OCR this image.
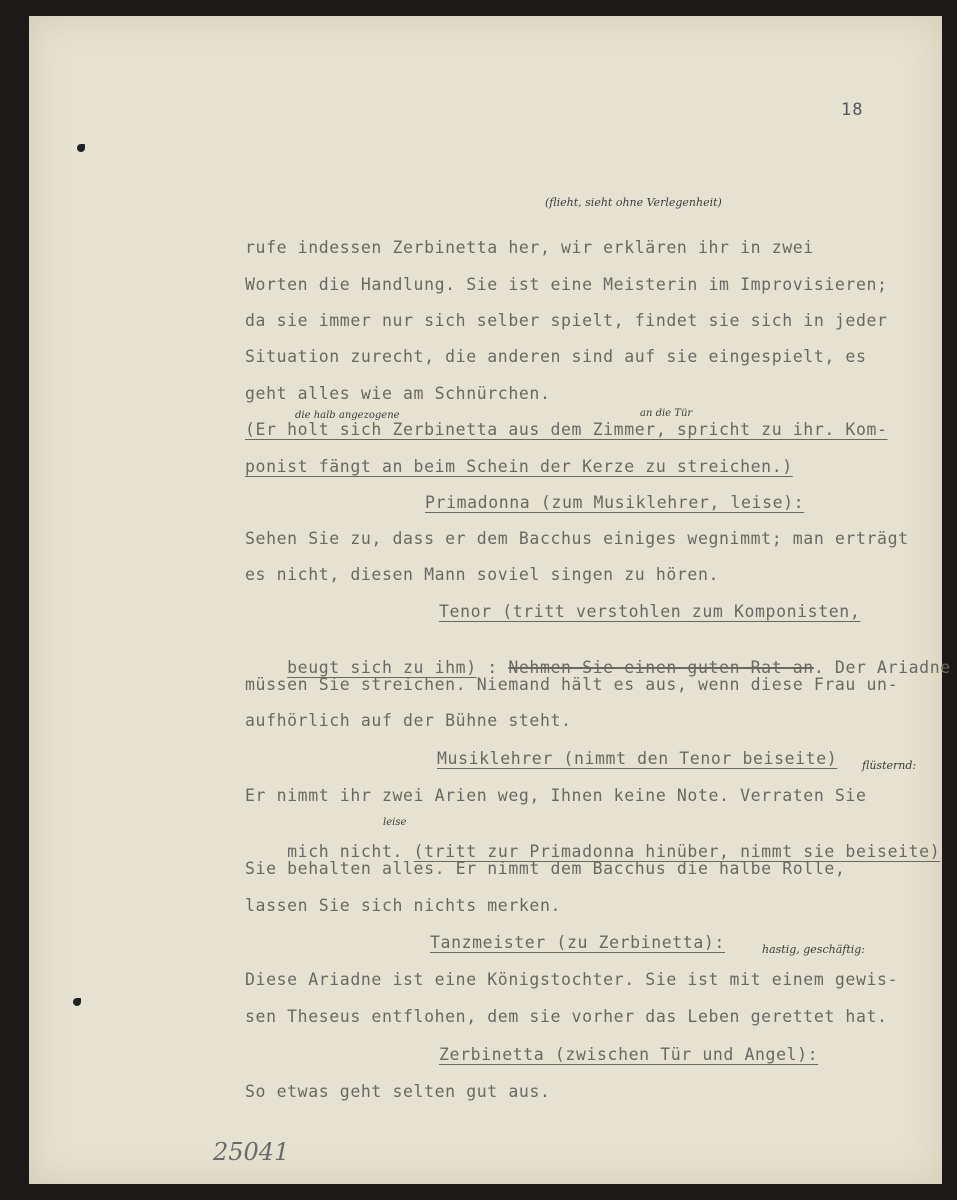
18
(flieht, sieht ohne Verlegenheit)
die halb angezogene	an die Tür
flüsternd:
leise
hastig, geschäftig:
25041
rufe indessen Zerbinetta her, wir erklären ihr in zwei
Worten die Handlung. Sie ist eine Meisterin im Improvisieren;
da sie immer nur sich selber spielt, findet sie sich in jeder
Situation zurecht, die anderen sind auf sie eingespielt, es
geht alles wie am Schnürchen.
(Er holt sich Zerbinetta aus dem Zimmer, spricht zu ihr. Kom-
ponist fängt an beim Schein der Kerze zu streichen.)
Primadonna (zum Musiklehrer, leise):
Sehen Sie zu, dass er dem Bacchus einiges wegnimmt; man erträgt
es nicht, diesen Mann soviel singen zu hören.
Tenor (tritt verstohlen zum Komponisten,

beugt sich zu ihm) : Nehmen Sie einen guten Rat an. Der Ariadne

müssen Sie streichen. Niemand hält es aus, wenn diese Frau un-
aufhörlich auf der Bühne steht.
Musiklehrer (nimmt den Tenor beiseite)
Er nimmt ihr zwei Arien weg, Ihnen keine Note. Verraten Sie

mich nicht. (tritt zur Primadonna hinüber, nimmt sie beiseite)

Sie behalten alles. Er nimmt dem Bacchus die halbe Rolle,
lassen Sie sich nichts merken.
Tanzmeister (zu Zerbinetta):
Diese Ariadne ist eine Königstochter. Sie ist mit einem gewis-
sen Theseus entflohen, dem sie vorher das Leben gerettet hat.
Zerbinetta (zwischen Tür und Angel):
So etwas geht selten gut aus.
